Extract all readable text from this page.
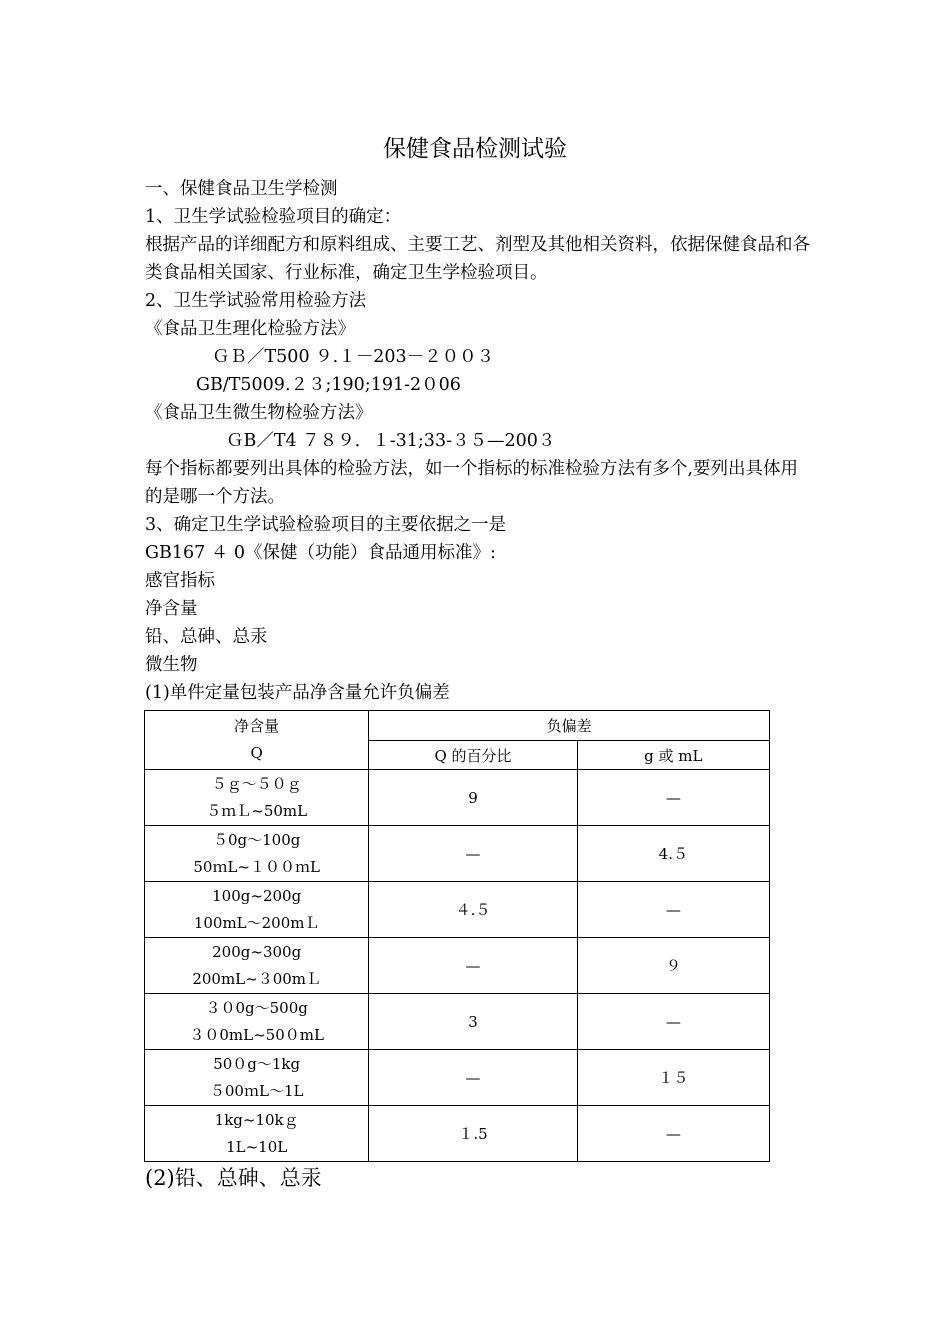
保健食品检测试验
一、保健食品卫生学检测
1、卫生学试验检验项目的确定：
根据产品的详细配方和原料组成、主要工艺、剂型及其他相关资料，依据保健食品和各类食品相关国家、行业标准，确定卫生学检验项目。
2、卫生学试验常用检验方法
《食品卫生理化检验方法》
ＧＢ／T500 ９.１－203－２００３
GB/T5009.２３;190;191-2０06
《食品卫生微生物检验方法》
ＧB／T4 ７８９．１-31;33-３５—200３
每个指标都要列出具体的检验方法，如一个指标的标准检验方法有多个,要列出具体用的是哪一个方法。
3、确定卫生学试验检验项目的主要依据之一是
GB167 ４ 0《保健（功能）食品通用标准》:
感官指标
净含量
铅、总砷、总汞
微生物
(1)单件定量包装产品净含量允许负偏差
净含量
Q	负偏差	
	Q 的百分比	g 或 mL

５ｇ～５０ｇ
５ｍＬ~50mL	9	—

５0g～100g
50ｍL~１００ｍL	—	4.５

100g~200g
100mL～200mＬ	４.５	—

200g~300g
200mL~３00mＬ	—	９

３０0g～500g
３０0mL~50０mL	3	—

50０g～1kg
５00ｍL～1L	—	１５

1kg~10kｇ
1L~10L	１.5	—
(2)铅、总砷、总汞
